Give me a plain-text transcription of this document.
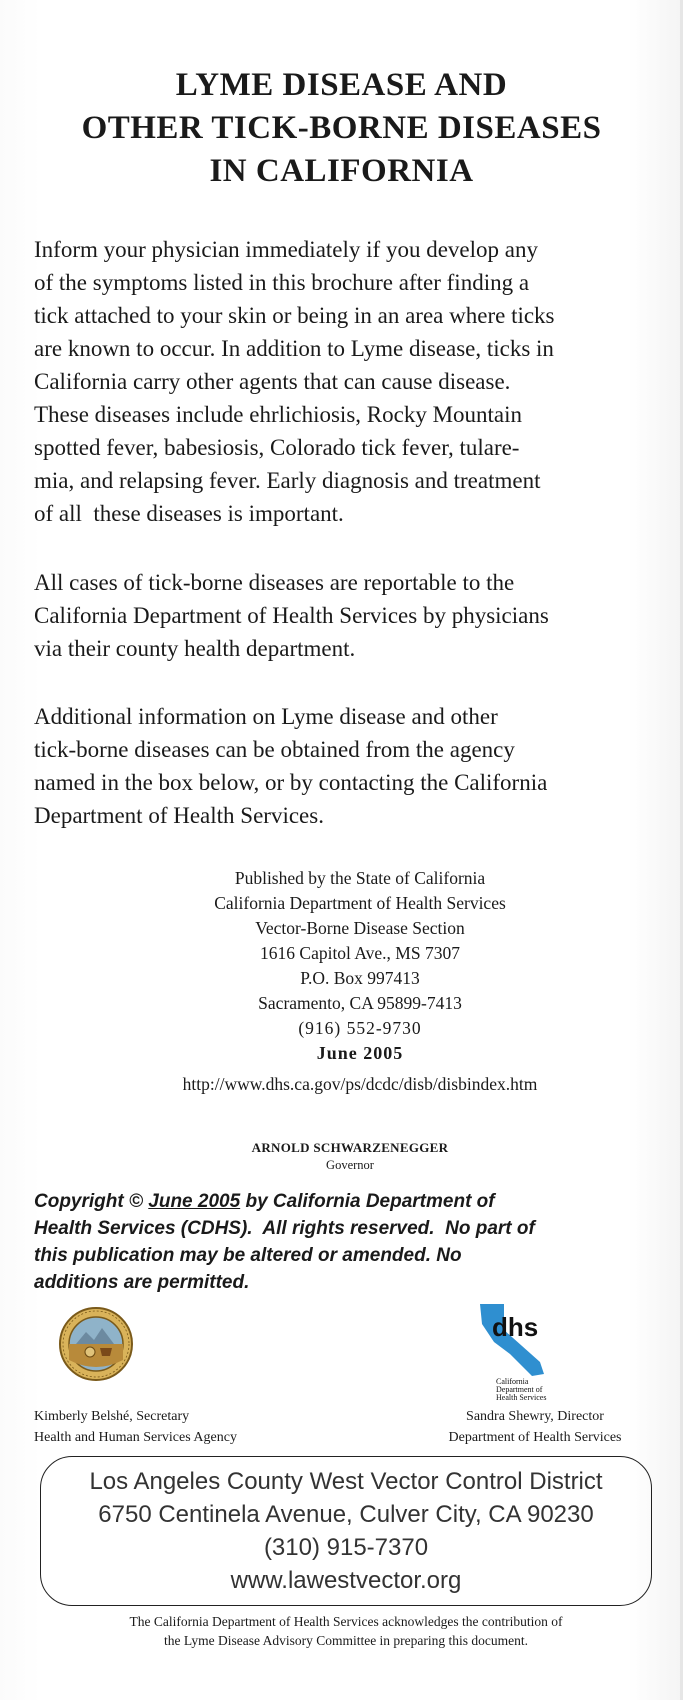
LYME DISEASE AND
OTHER TICK-BORNE DISEASES
IN CALIFORNIA
Inform your physician immediately if you develop any
of the symptoms listed in this brochure after finding a
tick attached to your skin or being in an area where ticks
are known to occur. In addition to Lyme disease, ticks in
California carry other agents that can cause disease.
These diseases include ehrlichiosis, Rocky Mountain
spotted fever, babesiosis, Colorado tick fever, tulare-
mia, and relapsing fever. Early diagnosis and treatment
of all  these diseases is important.
All cases of tick-borne diseases are reportable to the
California Department of Health Services by physicians
via their county health department.
Additional information on Lyme disease and other
tick-borne diseases can be obtained from the agency
named in the box below, or by contacting the California
Department of Health Services.
Published by the State of California
California Department of Health Services
Vector-Borne Disease Section
1616 Capitol Ave., MS 7307
P.O. Box 997413
Sacramento, CA 95899-7413
(916) 552-9730
June 2005
http://www.dhs.ca.gov/ps/dcdc/disb/disbindex.htm
ARNOLD SCHWARZENEGGER
Governor
Copyright © June 2005 by California Department of
Health Services (CDHS).  All rights reserved.  No part of
this publication may be altered or amended. No
additions are permitted.
dhs
California
Department of
Health Services
Kimberly Belshé, Secretary
Health and Human Services Agency
Sandra Shewry, Director
Department of Health Services
Los Angeles County West Vector Control District
6750 Centinela Avenue, Culver City, CA 90230
(310) 915-7370
www.lawestvector.org
The California Department of Health Services acknowledges the contribution of
the Lyme Disease Advisory Committee in preparing this document.
